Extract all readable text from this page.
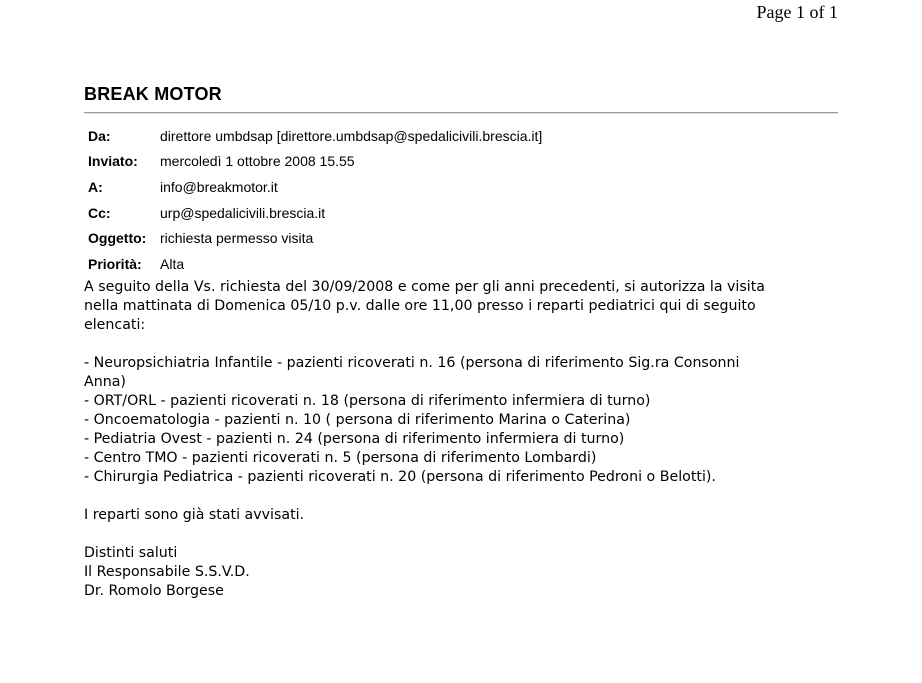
Page 1 of 1
BREAK MOTOR
Da:	direttore umbdsap [direttore.umbdsap@spedalicivili.brescia.it]
Inviato:	mercoledì 1 ottobre 2008 15.55
A:	info@breakmotor.it
Cc:	urp@spedalicivili.brescia.it
Oggetto: richiesta permesso visita
Priorità:	Alta
A seguito della Vs. richiesta del 30/09/2008 e come per gli anni precedenti, si autorizza la visita
nella mattinata di Domenica 05/10 p.v. dalle ore 11,00 presso i reparti pediatrici qui di seguito
elencati:
- Neuropsichiatria Infantile - pazienti ricoverati n. 16 (persona di riferimento Sig.ra Consonni
Anna)
- ORT/ORL - pazienti ricoverati n. 18 (persona di riferimento infermiera di turno)
- Oncoematologia - pazienti n. 10 ( persona di riferimento Marina o Caterina)
- Pediatria Ovest - pazienti n. 24 (persona di riferimento infermiera di turno)
- Centro TMO - pazienti ricoverati n. 5 (persona di riferimento Lombardi)
- Chirurgia Pediatrica - pazienti ricoverati n. 20 (persona di riferimento Pedroni o Belotti).
I reparti sono già stati avvisati.
Distinti saluti
Il Responsabile S.S.V.D.
Dr. Romolo Borgese
